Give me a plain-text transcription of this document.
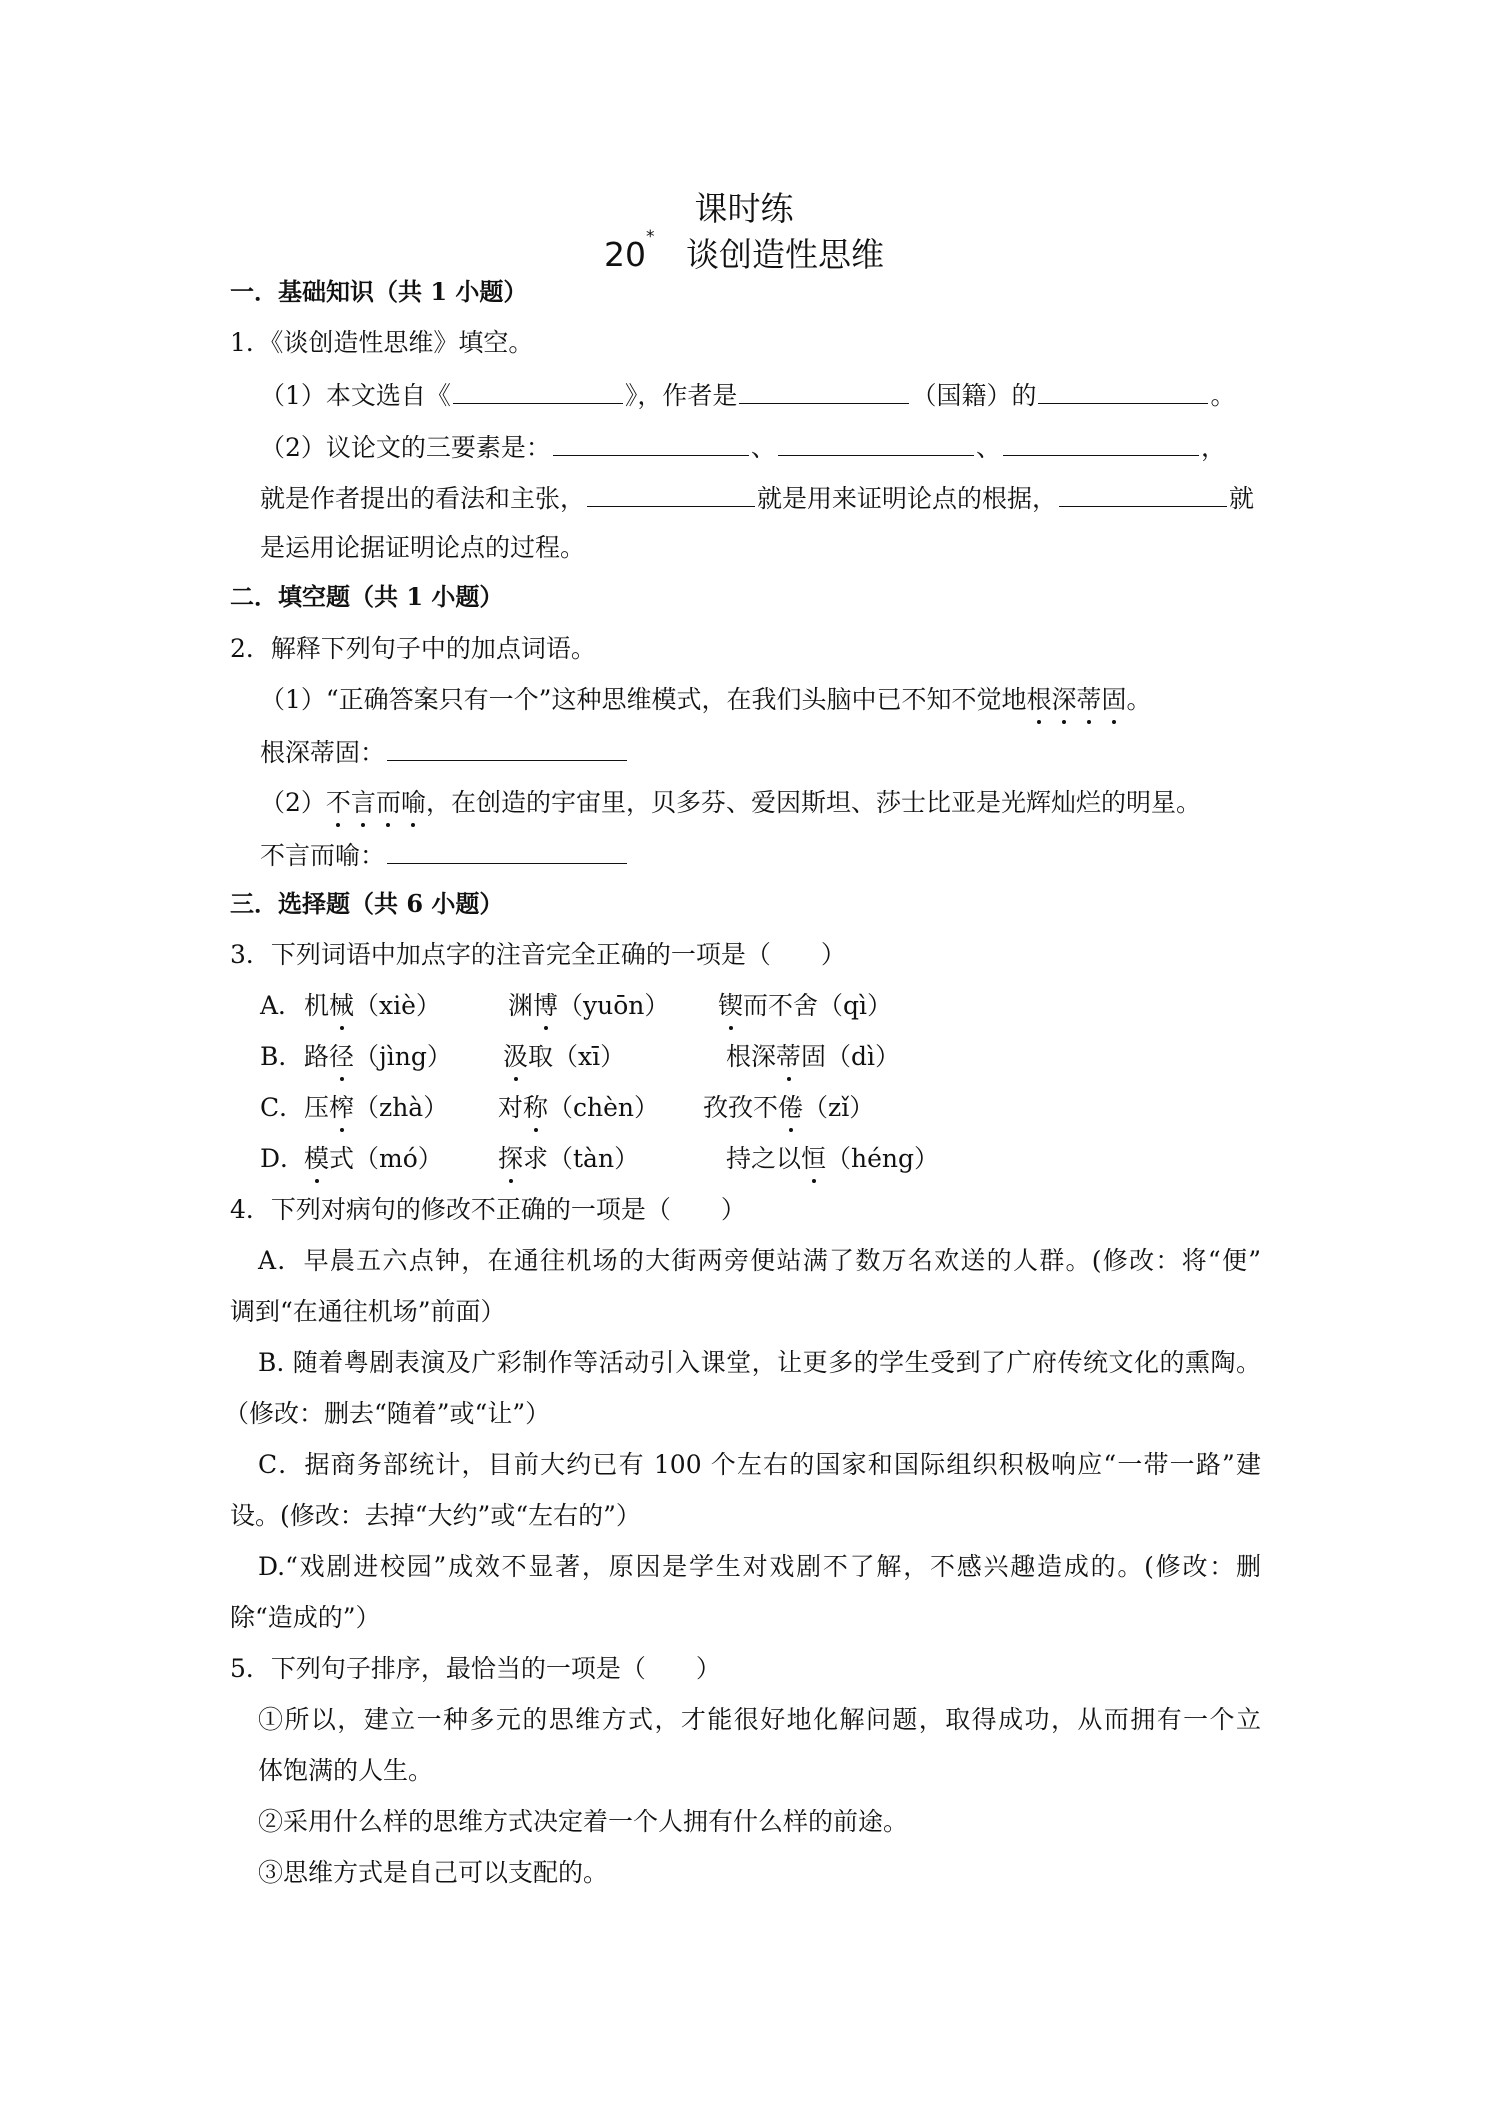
课时练
20* 谈创造性思维
一．基础知识（共 1 小题）
1．《谈创造性思维》填空。
（1）本文选自《	》，作者是	（国籍）的	。
（2）议论文的三要素是：	、	、	，
就是作者提出的看法和主张，	就是用来证明论点的根据，	就
是运用论据证明论点的过程。
二．填空题（共 1 小题）
2．解释下列句子中的加点词语。
（1）“正确答案只有一个”这种思维模式，在我们头脑中已不知不觉地根深蒂固。
根深蒂固：
（2）不言而喻，在创造的宇宙里，贝多芬、爱因斯坦、莎士比亚是光辉灿烂的明星。
不言而喻：
三．选择题（共 6 小题）
3．下列词语中加点字的注音完全正确的一项是（　　）
A． 机械（xiè）	渊博（yuōn） 锲而不舍（qì）
B． 路径（jìng） 汲取（xī）	根深蒂固（dì）
C． 压榨（zhà） 对称（chèn） 孜孜不倦（zǐ）
D．
模式（mó） 探求（tàn）	持之以恒（héng）
4．下列对病句的修改不正确的一项是（　　）
A．早晨五六点钟，在通往机场的大街两旁便站满了数万名欢送的人群。(修改：将“便”
调到“在通往机场”前面）
B. 随着粤剧表演及广彩制作等活动引入课堂，让更多的学生受到了广府传统文化的熏陶。
（修改：删去“随着”或“让”）
C．据商务部统计，目前大约已有 100 个左右的国家和国际组织积极响应“一带一路”建
设。(修改：去掉“大约”或“左右的”）
D.“戏剧进校园”成效不显著，原因是学生对戏剧不了解，不感兴趣造成的。(修改：删
除“造成的”）
5．下列句子排序，最恰当的一项是（　　）
①所以，建立一种多元的思维方式，才能很好地化解问题，取得成功，从而拥有一个立
体饱满的人生。
②采用什么样的思维方式决定着一个人拥有什么样的前途。
③思维方式是自己可以支配的。
